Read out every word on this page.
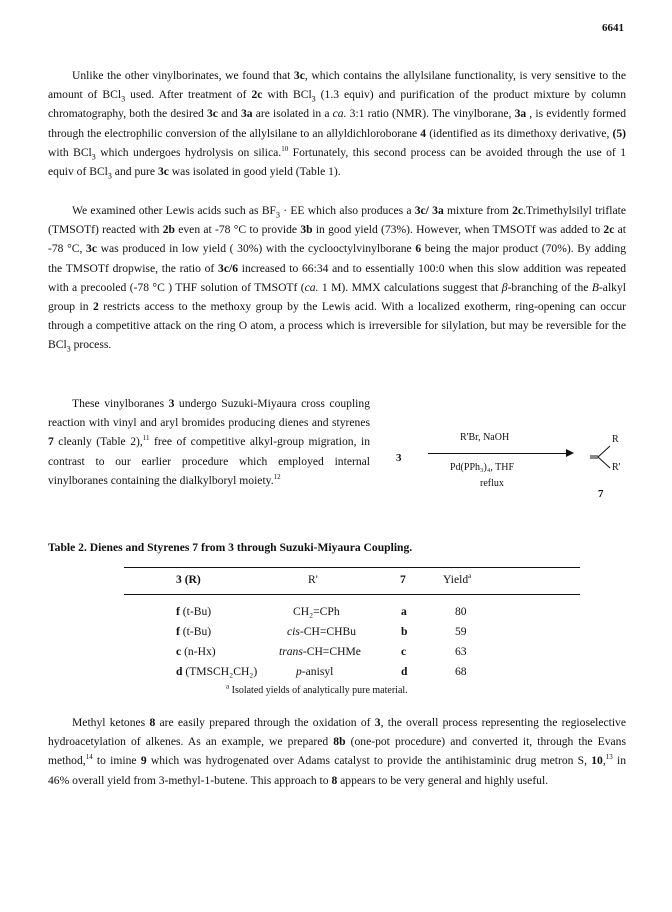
6641

Unlike the other vinylborinates, we found that 3c, which contains the allylsilane functionality, is very sensitive to the amount of BCl$_3$ used. After treatment of 2c with BCl$_3$ (1.3 equiv) and purification of the product mixture by column chromatography, both the desired 3c and 3a are isolated in a ca. 3:1 ratio (NMR). The vinylborane, 3a , is evidently formed through the electrophilic conversion of the allylsilane to an allyldichloroborane 4 (identified as its dimethoxy derivative, (5) with BCl$_3$ which undergoes hydrolysis on silica.$^{10}$ Fortunately, this second process can be avoided through the use of 1 equiv of BCl$_3$ and pure 3c was isolated in good yield (Table 1).

We examined other Lewis acids such as $BF_3$ · EE which also produces a 3c/ 3a mixture from 2c.Trimethylsilyl triflate (TMSOTf) reacted with 2b even at -78 °C to provide 3b in good yield (73%). However, when TMSOTf was added to 2c at -78 °C, 3c was produced in low yield ( 30%) with the cyclooctylvinylborane 6 being the major product (70%). By adding the TMSOTf dropwise, the ratio of 3c/6 increased to 66:34 and to essentially 100:0 when this slow addition was repeated with a precooled (-78 °C ) THF solution of TMSOTf (ca. 1 M). MMX calculations suggest that β-branching of the B-alkyl group in 2 restricts access to the methoxy group by the Lewis acid. With a localized exotherm, ring-opening can occur through a competitive attack on the ring O atom, a process which is irreversible for silylation, but may be reversible for the BCl$_3$ process.

These vinylboranes 3 undergo Suzuki-Miyaura cross coupling reaction with vinyl and aryl bromides producing dienes and styrenes 7 cleanly (Table 2),$^{11}$ free of competitive alkyl-group migration, in contrast to our earlier procedure which employed internal vinylboranes containing the dialkylboryl moiety.$^{12}$

3
R'Br, NaOH
Pd(PPh₃)₄, THF
reflux
R
R'
7
Table 2. Dienes and Styrenes 7 from 3 through Suzuki-Miyaura Coupling.
3 (R)	R'	7	Yield$^a$
f (t-Bu)	CH₂=CPh	a	80
f (t-Bu)	cis-CH=CHBu	b	59
c (n-Hx)	trans-CH=CHMe	c	63
d (TMSCH₂CH₂)	p-anisyl	d	68
$^a$ Isolated yields of analytically pure material.

Methyl ketones 8 are easily prepared through the oxidation of 3, the overall process representing the regioselective hydroacetylation of alkenes. As an example, we prepared 8b (one-pot procedure) and converted it, through the Evans method,$^{14}$ to imine 9 which was hydrogenated over Adams catalyst to provide the antihistaminic drug metron S, 10,13 in 46% overall yield from 3-methyl-1-butene. This approach to 8 appears to be very general and highly useful.
